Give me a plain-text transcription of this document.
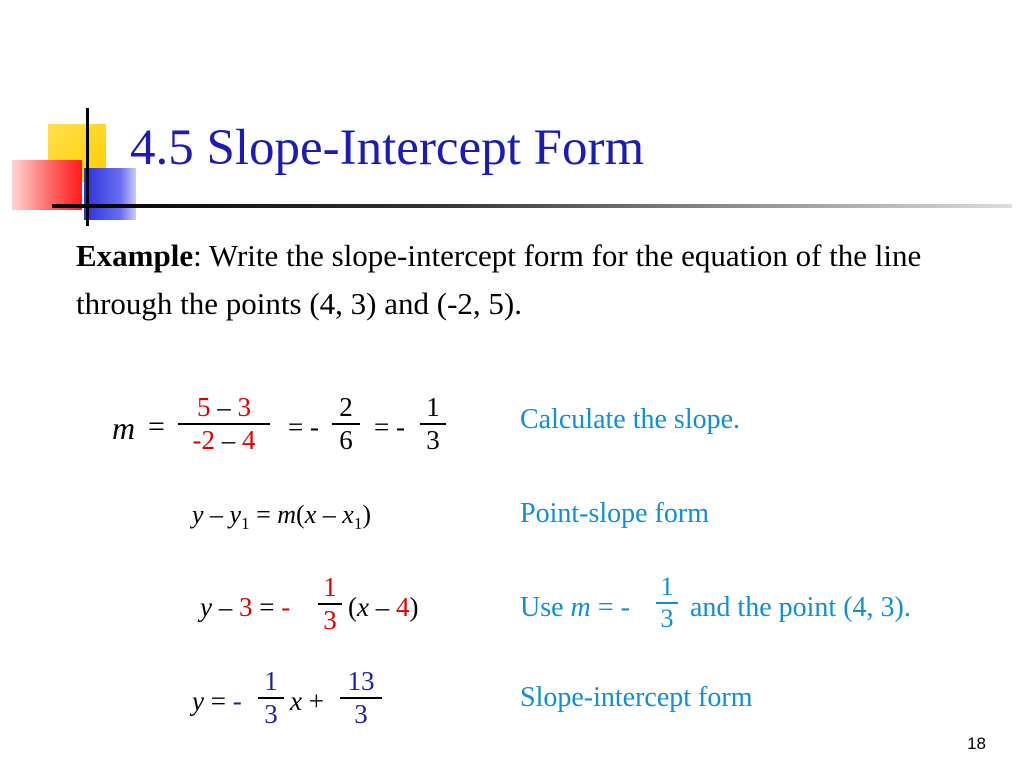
4.5 Slope-Intercept Form
Example: Write the slope-intercept form for the equation of the line through the points (4, 3) and (-2, 5).
m =
5 – 3
-2 – 4	= -
2
6 = -
1
3
Calculate the slope.
$y - y_1 = m(x - x_1)$	Point-slope form
y – 3 = -
1
3 (x – 4)	Use m = -
1
3 and the point (4, 3).
y = -
1
3 x +
13
3
Slope-intercept form
18
